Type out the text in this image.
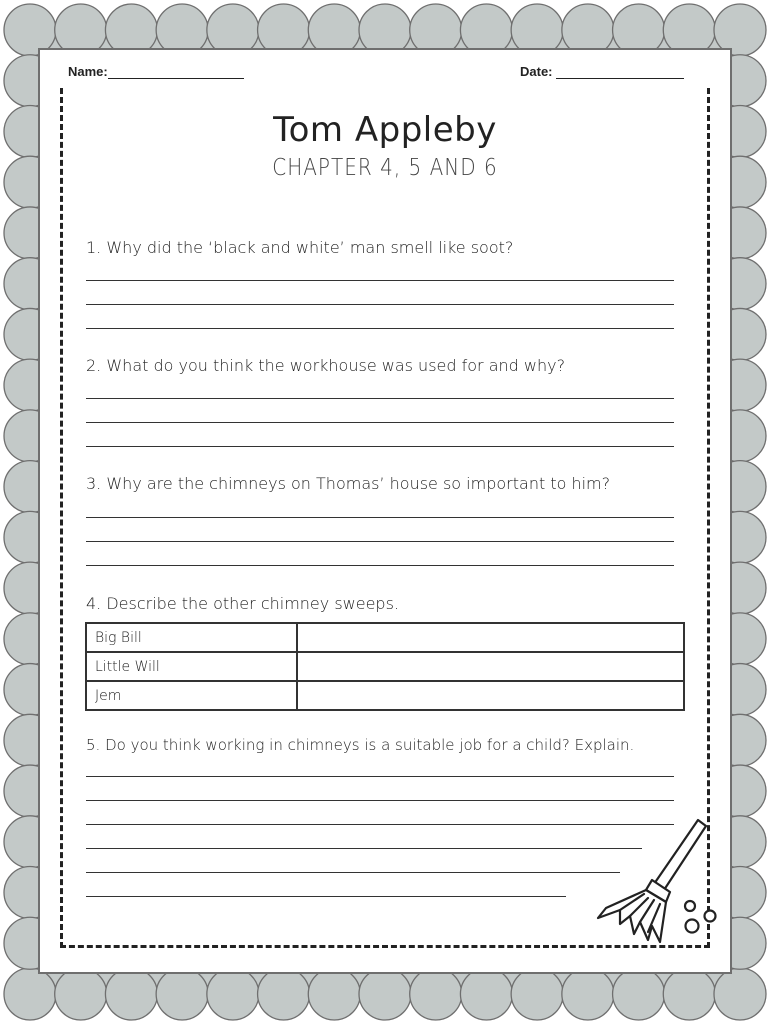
Name:	Date:
Tom Appleby
CHAPTER 4, 5 AND 6
1. Why did the ‘black and white’ man smell like soot?
2. What do you think the workhouse was used for and why?
3. Why are the chimneys on Thomas’ house so important to him?
4. Describe the other chimney sweeps.
Big Bill	
Little Will	
Jem	
5. Do you think working in chimneys is a suitable job for a child? Explain.
